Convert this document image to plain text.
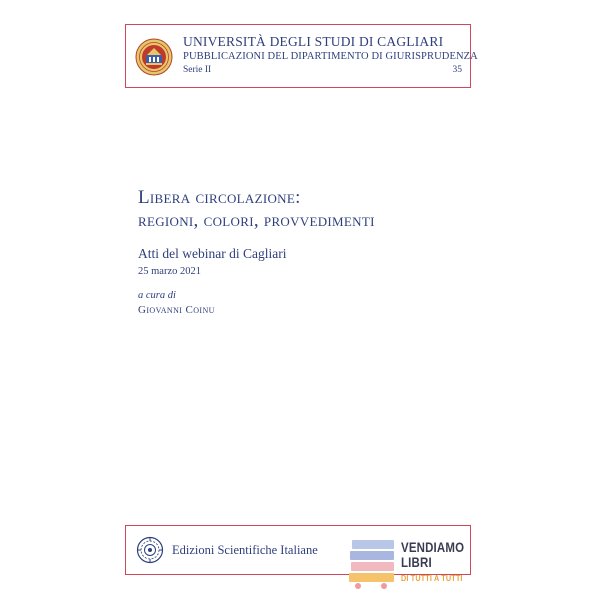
UNIVERSITÀ DEGLI STUDI DI CAGLIARI
PUBBLICAZIONI DEL DIPARTIMENTO DI GIURISPRUDENZA
Serie II	35
Libera circolazione:
regioni, colori, provvedimenti
Atti del webinar di Cagliari
25 marzo 2021
a cura di
Giovanni Coinu
Edizioni Scientifiche Italiane	VENDIAMO
LIBRI
DI TUTTI A TUTTI
